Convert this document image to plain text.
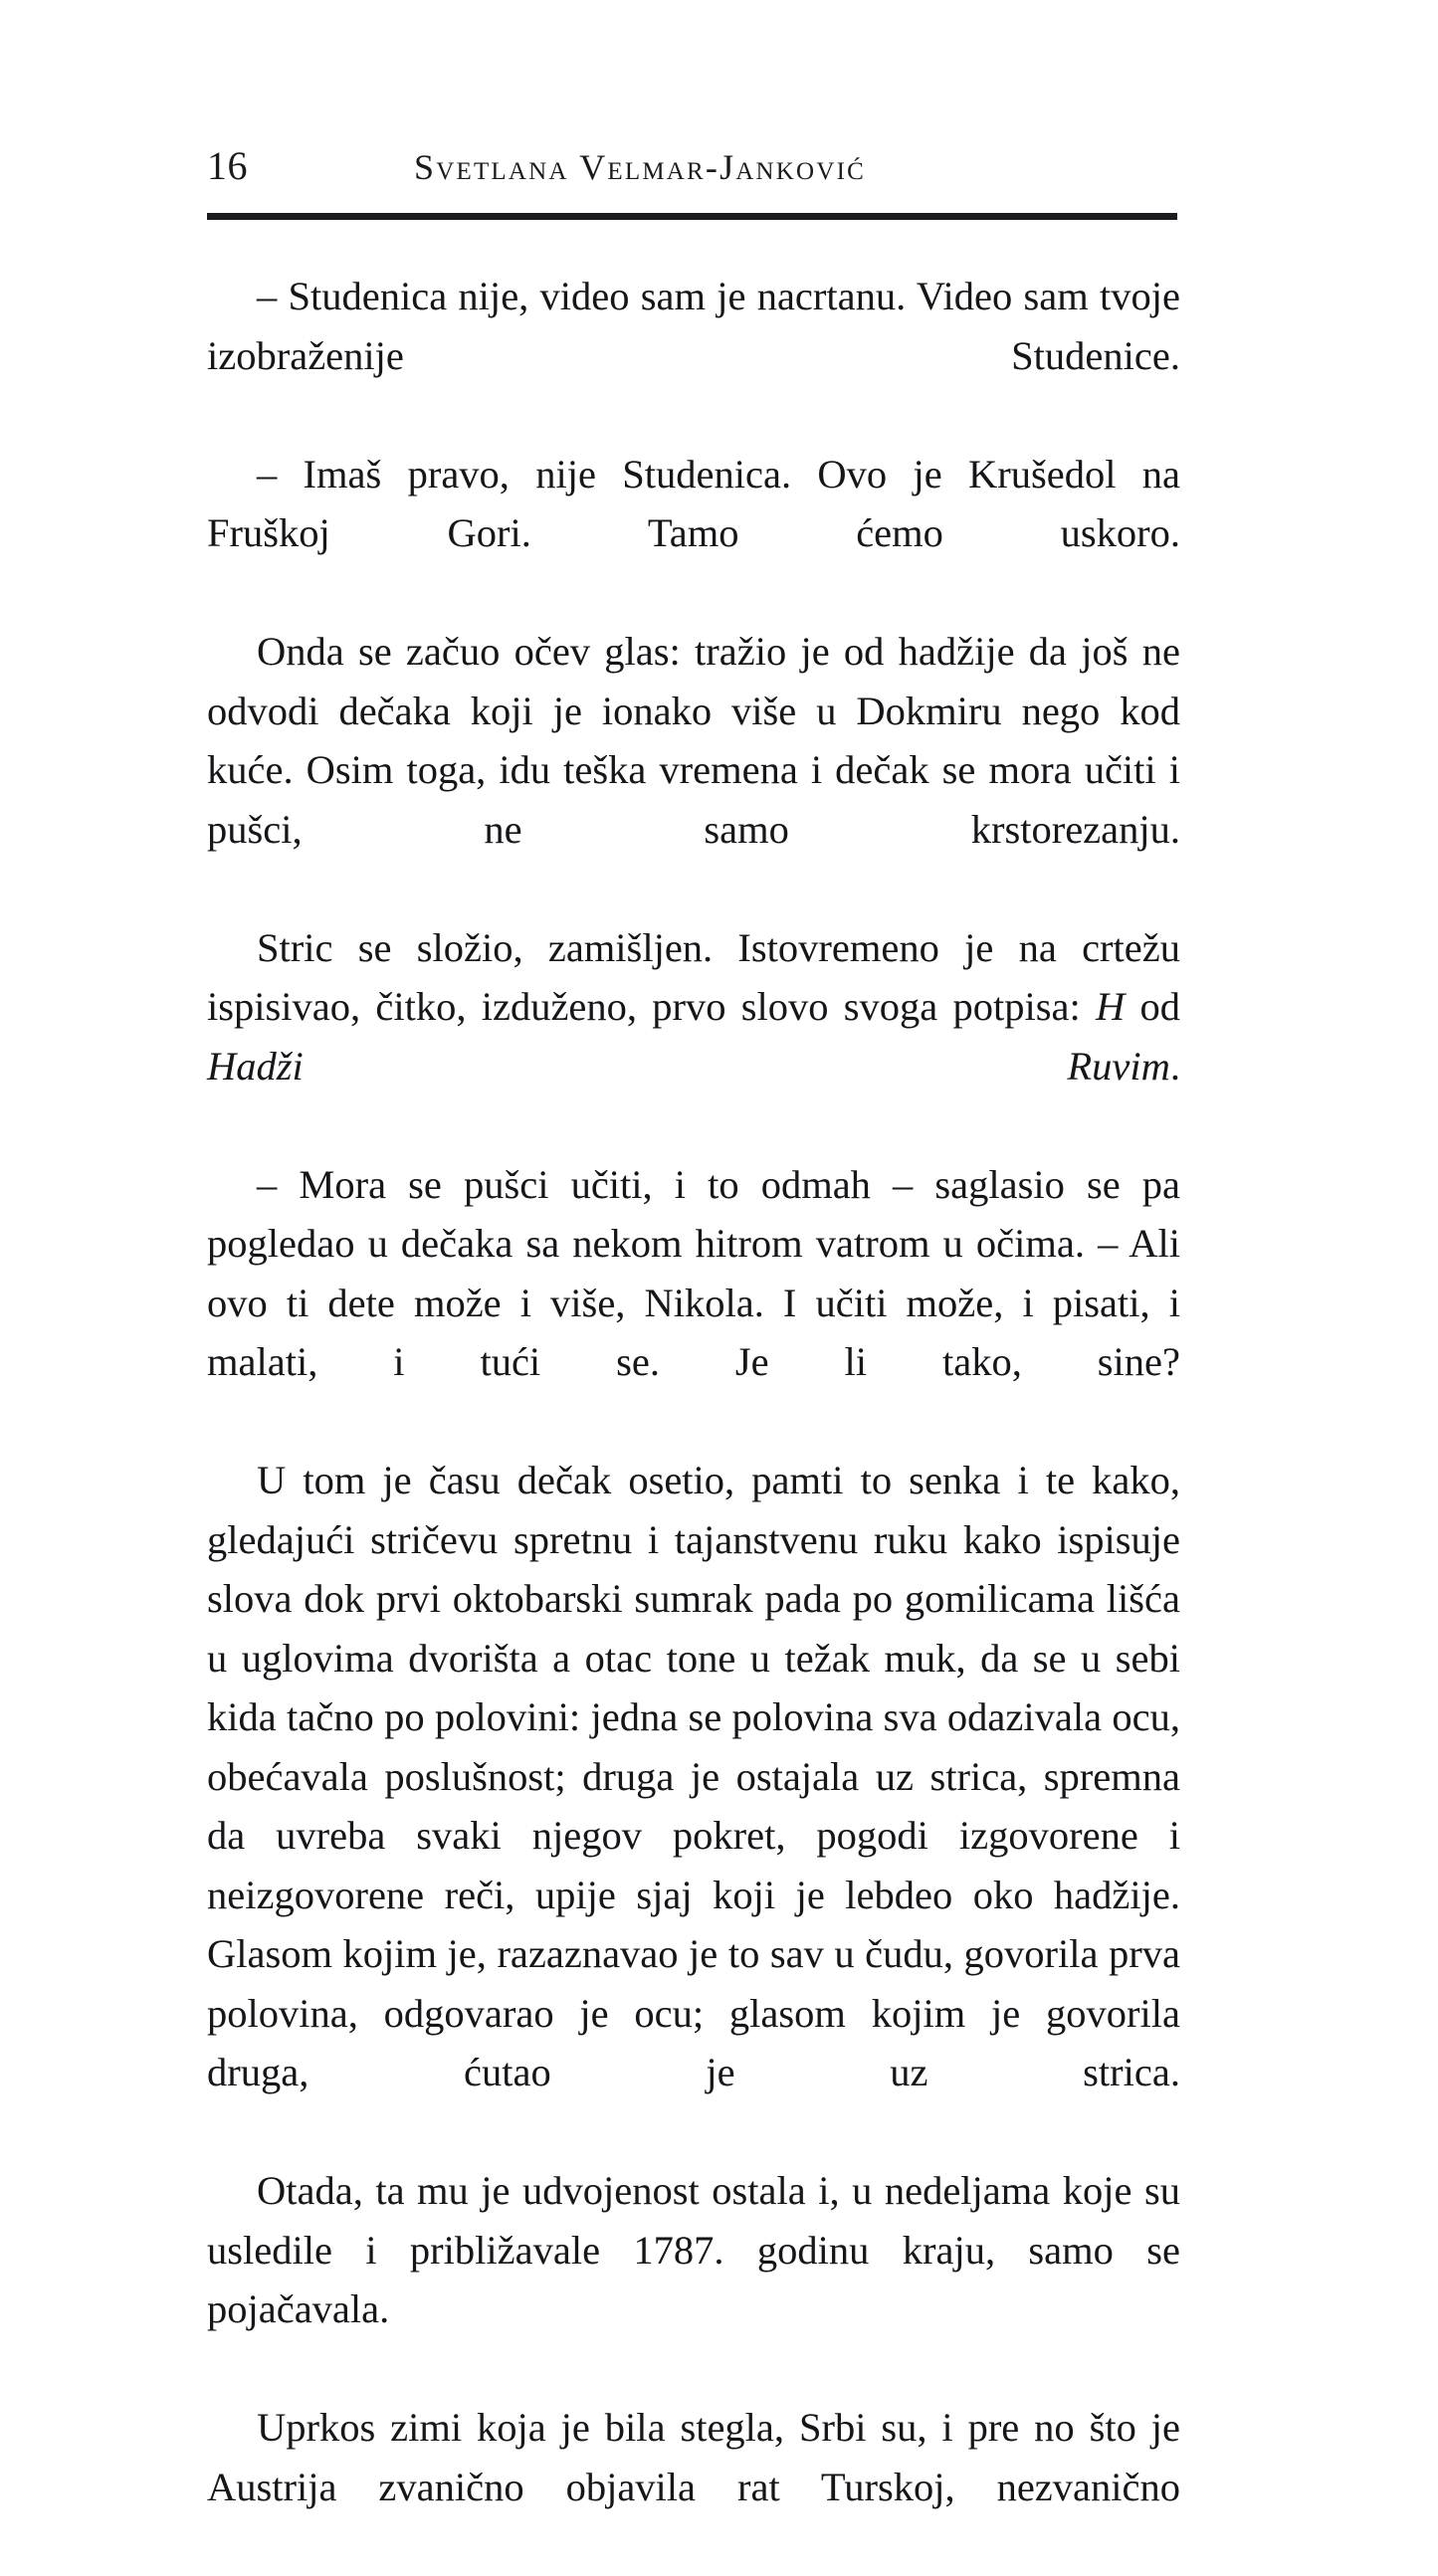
16	Svetlana Velmar-Janković

– Studenica nije, video sam je nacrtanu. Video sam tvoje izobraženije Studenice.

– Imaš pravo, nije Studenica. Ovo je Krušedol na Fruškoj Gori. Tamo ćemo uskoro.

Onda se začuo očev glas: tražio je od hadžije da još ne odvodi dečaka koji je ionako više u Dokmiru nego kod kuće. Osim toga, idu teška vremena i dečak se mora učiti i pušci, ne samo krstorezanju.

Stric se složio, zamišljen. Istovremeno je na crtežu ispisivao, čitko, izduženo, prvo slovo svoga potpisa: H od Hadži Ruvim.

– Mora se pušci učiti, i to odmah – saglasio se pa pogledao u dečaka sa nekom hitrom vatrom u očima. – Ali ovo ti dete može i više, Nikola. I učiti može, i pisati, i malati, i tući se. Je li tako, sine?

U tom je času dečak osetio, pamti to senka i te kako, gledajući stričevu spretnu i tajanstvenu ruku kako ispisuje slova dok prvi oktobarski sumrak pada po gomilicama lišća u uglovima dvorišta a otac tone u težak muk, da se u sebi kida tačno po polovini: jedna se polovina sva odazivala ocu, obećavala poslušnost; druga je ostajala uz strica, spremna da uvreba svaki njegov pokret, pogodi izgovorene i neizgovorene reči, upije sjaj koji je lebdeo oko hadžije. Glasom kojim je, razaznavao je to sav u čudu, govorila prva polovina, odgovarao je ocu; glasom kojim je govorila druga, ćutao je uz strica.

Otada, ta mu je udvojenost ostala i, u nedeljama koje su usledile i približavale 1787. godinu kraju, samo se pojačavala.

Uprkos zimi koja je bila stegla, Srbi su, i pre no što je Austrija zvanično objavila rat Turskoj, nezvanično
